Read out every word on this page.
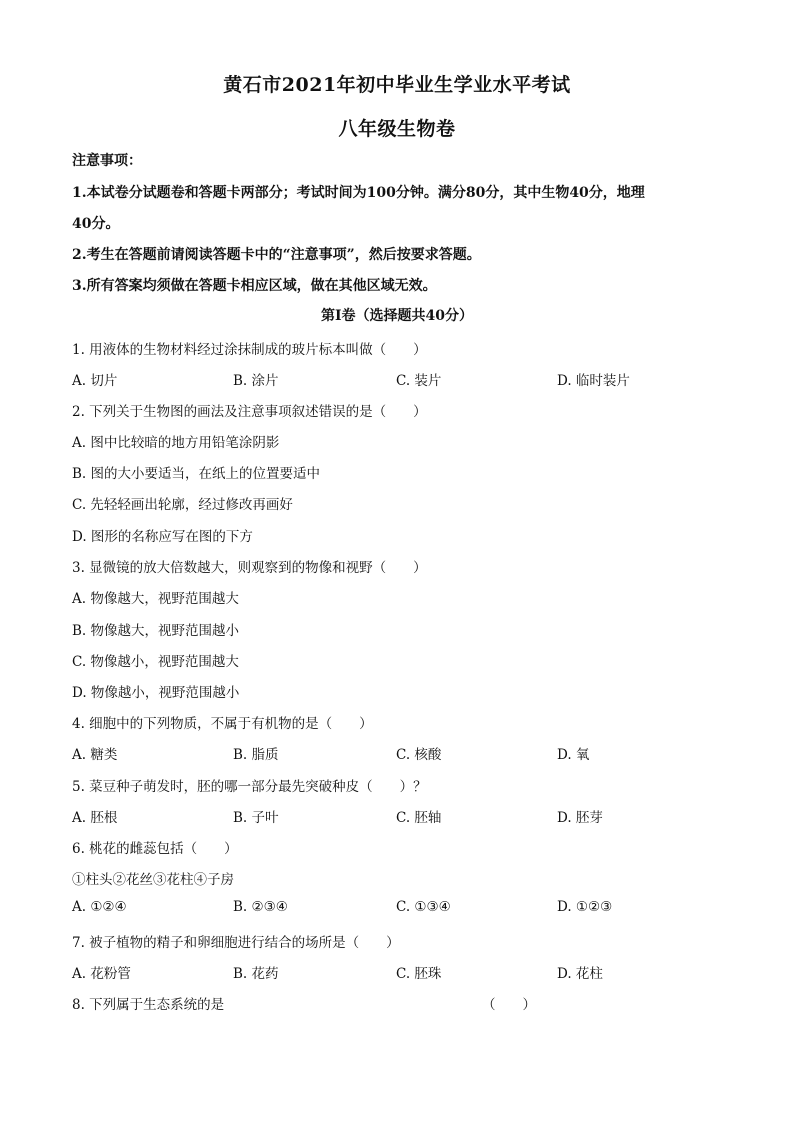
黄石市2021年初中毕业生学业水平考试
八年级生物卷
注意事项：
1.本试卷分试题卷和答题卡两部分；考试时间为100分钟。满分80分，其中生物40分，地理
40分。
2.考生在答题前请阅读答题卡中的“注意事项”，然后按要求答题。
3.所有答案均须做在答题卡相应区域，做在其他区域无效。
第Ⅰ卷（选择题共40分）
1. 用液体的生物材料经过涂抹制成的玻片标本叫做（　　）
A. 切片	B. 涂片	C. 装片	D. 临时装片
2. 下列关于生物图的画法及注意事项叙述错误的是（　　）
A. 图中比较暗的地方用铅笔涂阴影
B. 图的大小要适当，在纸上的位置要适中
C. 先轻轻画出轮廓，经过修改再画好
D. 图形的名称应写在图的下方
3. 显微镜的放大倍数越大，则观察到的物像和视野（　　）
A. 物像越大，视野范围越大
B. 物像越大，视野范围越小
C. 物像越小，视野范围越大
D. 物像越小，视野范围越小
4. 细胞中的下列物质，不属于有机物的是（　　）
A. 糖类	B. 脂质	C. 核酸	D. 氧
5. 菜豆种子萌发时，胚的哪一部分最先突破种皮（　　）？
A. 胚根	B. 子叶	C. 胚轴	D. 胚芽
6. 桃花的雌蕊包括（　　）
①柱头②花丝③花柱④子房
A. ①②④	B. ②③④	C. ①③④	D. ①②③
7. 被子植物的精子和卵细胞进行结合的场所是（　　）
A. 花粉管	B. 花药	C. 胚珠	D. 花柱
8. 下列属于生态系统的是	（　　）
